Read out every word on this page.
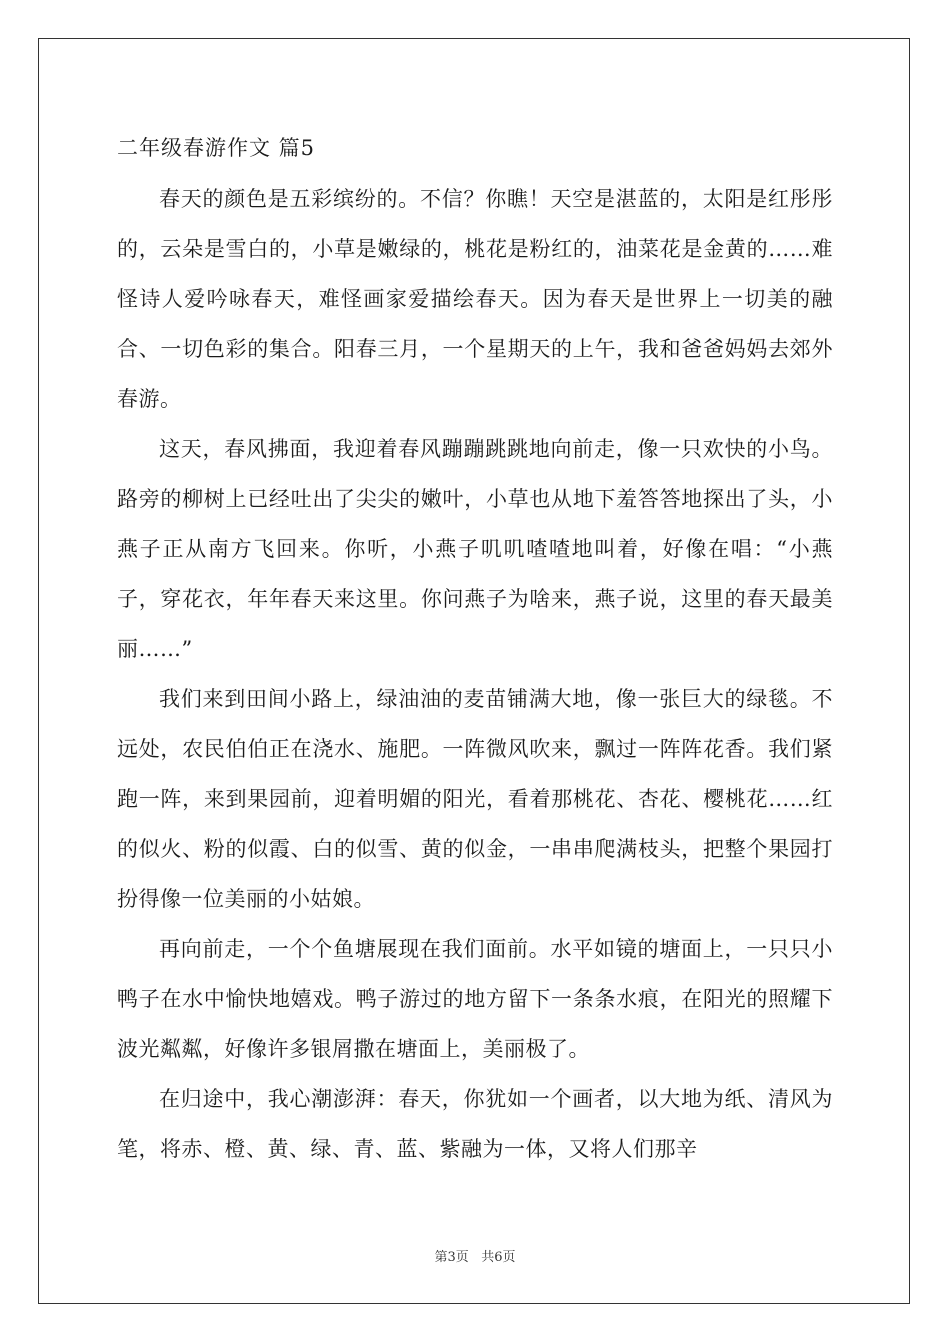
二年级春游作文 篇5

春天的颜色是五彩缤纷的。不信？你瞧！天空是湛蓝的，太阳是红彤彤的，云朵是雪白的，小草是嫩绿的，桃花是粉红的，油菜花是金黄的……难怪诗人爱吟咏春天，难怪画家爱描绘春天。因为春天是世界上一切美的融合、一切色彩的集合。阳春三月，一个星期天的上午，我和爸爸妈妈去郊外春游。

这天，春风拂面，我迎着春风蹦蹦跳跳地向前走，像一只欢快的小鸟。路旁的柳树上已经吐出了尖尖的嫩叶，小草也从地下羞答答地探出了头，小燕子正从南方飞回来。你听，小燕子叽叽喳喳地叫着，好像在唱：“小燕子，穿花衣，年年春天来这里。你问燕子为啥来，燕子说，这里的春天最美丽……”

我们来到田间小路上，绿油油的麦苗铺满大地，像一张巨大的绿毯。不远处，农民伯伯正在浇水、施肥。一阵微风吹来，飘过一阵阵花香。我们紧跑一阵，来到果园前，迎着明媚的阳光，看着那桃花、杏花、樱桃花……红的似火、粉的似霞、白的似雪、黄的似金，一串串爬满枝头，把整个果园打扮得像一位美丽的小姑娘。

再向前走，一个个鱼塘展现在我们面前。水平如镜的塘面上，一只只小鸭子在水中愉快地嬉戏。鸭子游过的地方留下一条条水痕，在阳光的照耀下波光粼粼，好像许多银屑撒在塘面上，美丽极了。

在归途中，我心潮澎湃：春天，你犹如一个画者，以大地为纸、清风为笔，将赤、橙、黄、绿、青、蓝、紫融为一体，又将人们那辛

第3页 共6页
